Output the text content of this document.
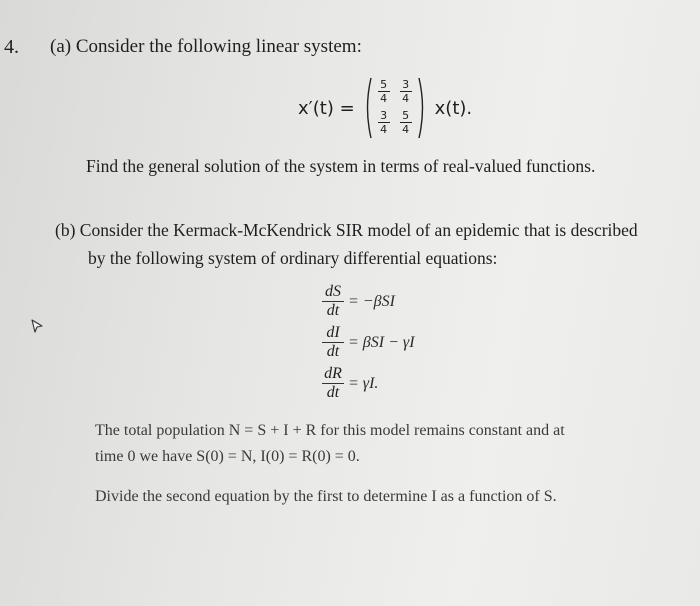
4. (a) Consider the following linear system:
x′(t) =
5
4
3
4
3
4
5
4
x(t).
Find the general solution of the system in terms of real-valued functions.
(b) Consider the Kermack-McKendrick SIR model of an epidemic that is described
by the following system of ordinary differential equations:
dS
dt
= −βSI
dI
dt
= βSI − γI
dR
dt
= γI.
The total population N = S + I + R for this model remains constant and at
time 0 we have S(0) = N, I(0) = R(0) = 0.
Divide the second equation by the first to determine I as a function of S.
